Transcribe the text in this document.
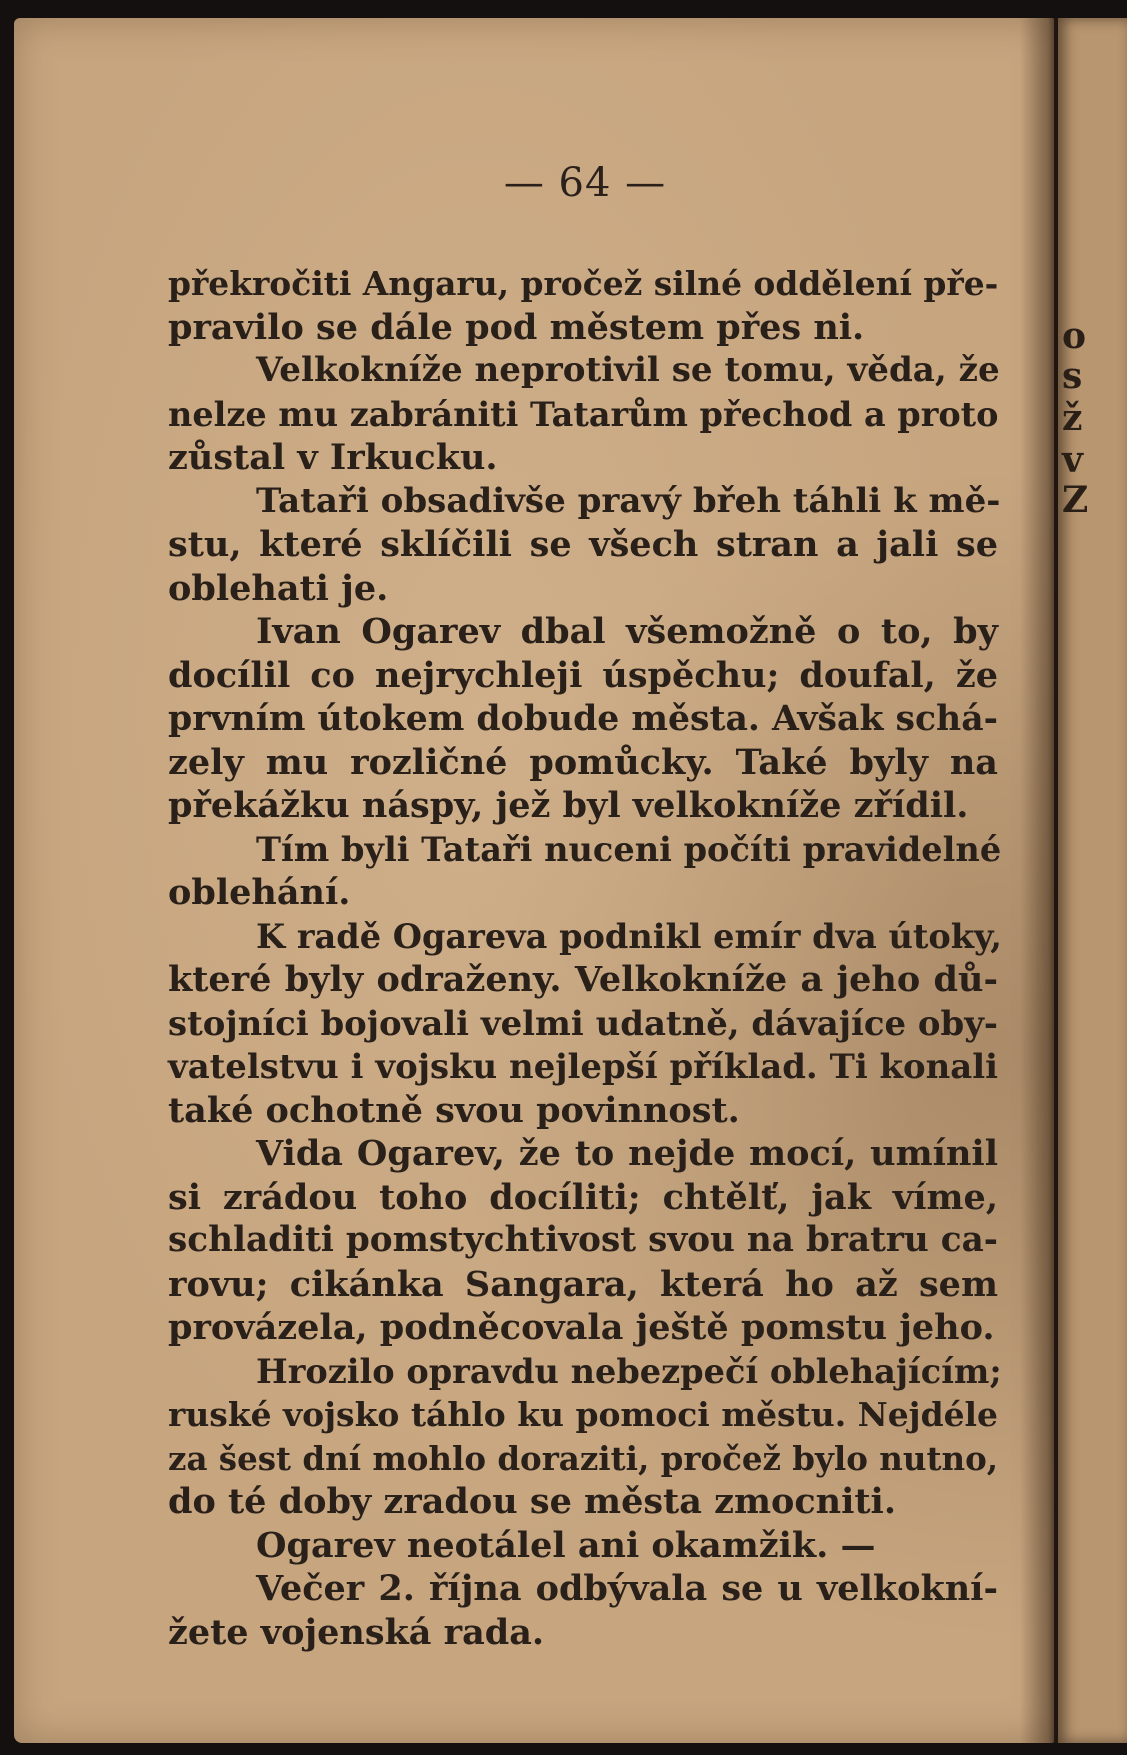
o
s
ž
v
Z
— 64 —
překročiti Angaru, pročež silné oddělení pře-
pravilo se dále pod městem přes ni.
Velkokníže neprotivil se tomu, věda, že
nelze mu zabrániti Tatarům přechod a proto
zůstal v Irkucku.
Tataři obsadivše pravý břeh táhli k mě-
stu, které sklíčili se všech stran a jali se
oblehati je.
Ivan Ogarev dbal všemožně o to, by
docílil co nejrychleji úspěchu; doufal, že
prvním útokem dobude města. Avšak schá-
zely mu rozličné pomůcky. Také byly na
překážku náspy, jež byl velkokníže zřídil.
Tím byli Tataři nuceni počíti pravidelné
oblehání.
K radě Ogareva podnikl emír dva útoky,
které byly odraženy. Velkokníže a jeho dů-
stojníci bojovali velmi udatně, dávajíce oby-
vatelstvu i vojsku nejlepší příklad. Ti konali
také ochotně svou povinnost.
Vida Ogarev, že to nejde mocí, umínil
si zrádou toho docíliti; chtělť, jak víme,
schladiti pomstychtivost svou na bratru ca-
rovu; cikánka Sangara, která ho až sem
provázela, podněcovala ještě pomstu jeho.
Hrozilo opravdu nebezpečí oblehajícím;
ruské vojsko táhlo ku pomoci městu. Nejdéle
za šest dní mohlo doraziti, pročež bylo nutno,
do té doby zradou se města zmocniti.
Ogarev neotálel ani okamžik. —
Večer 2. října odbývala se u velkokní-
žete vojenská rada.
